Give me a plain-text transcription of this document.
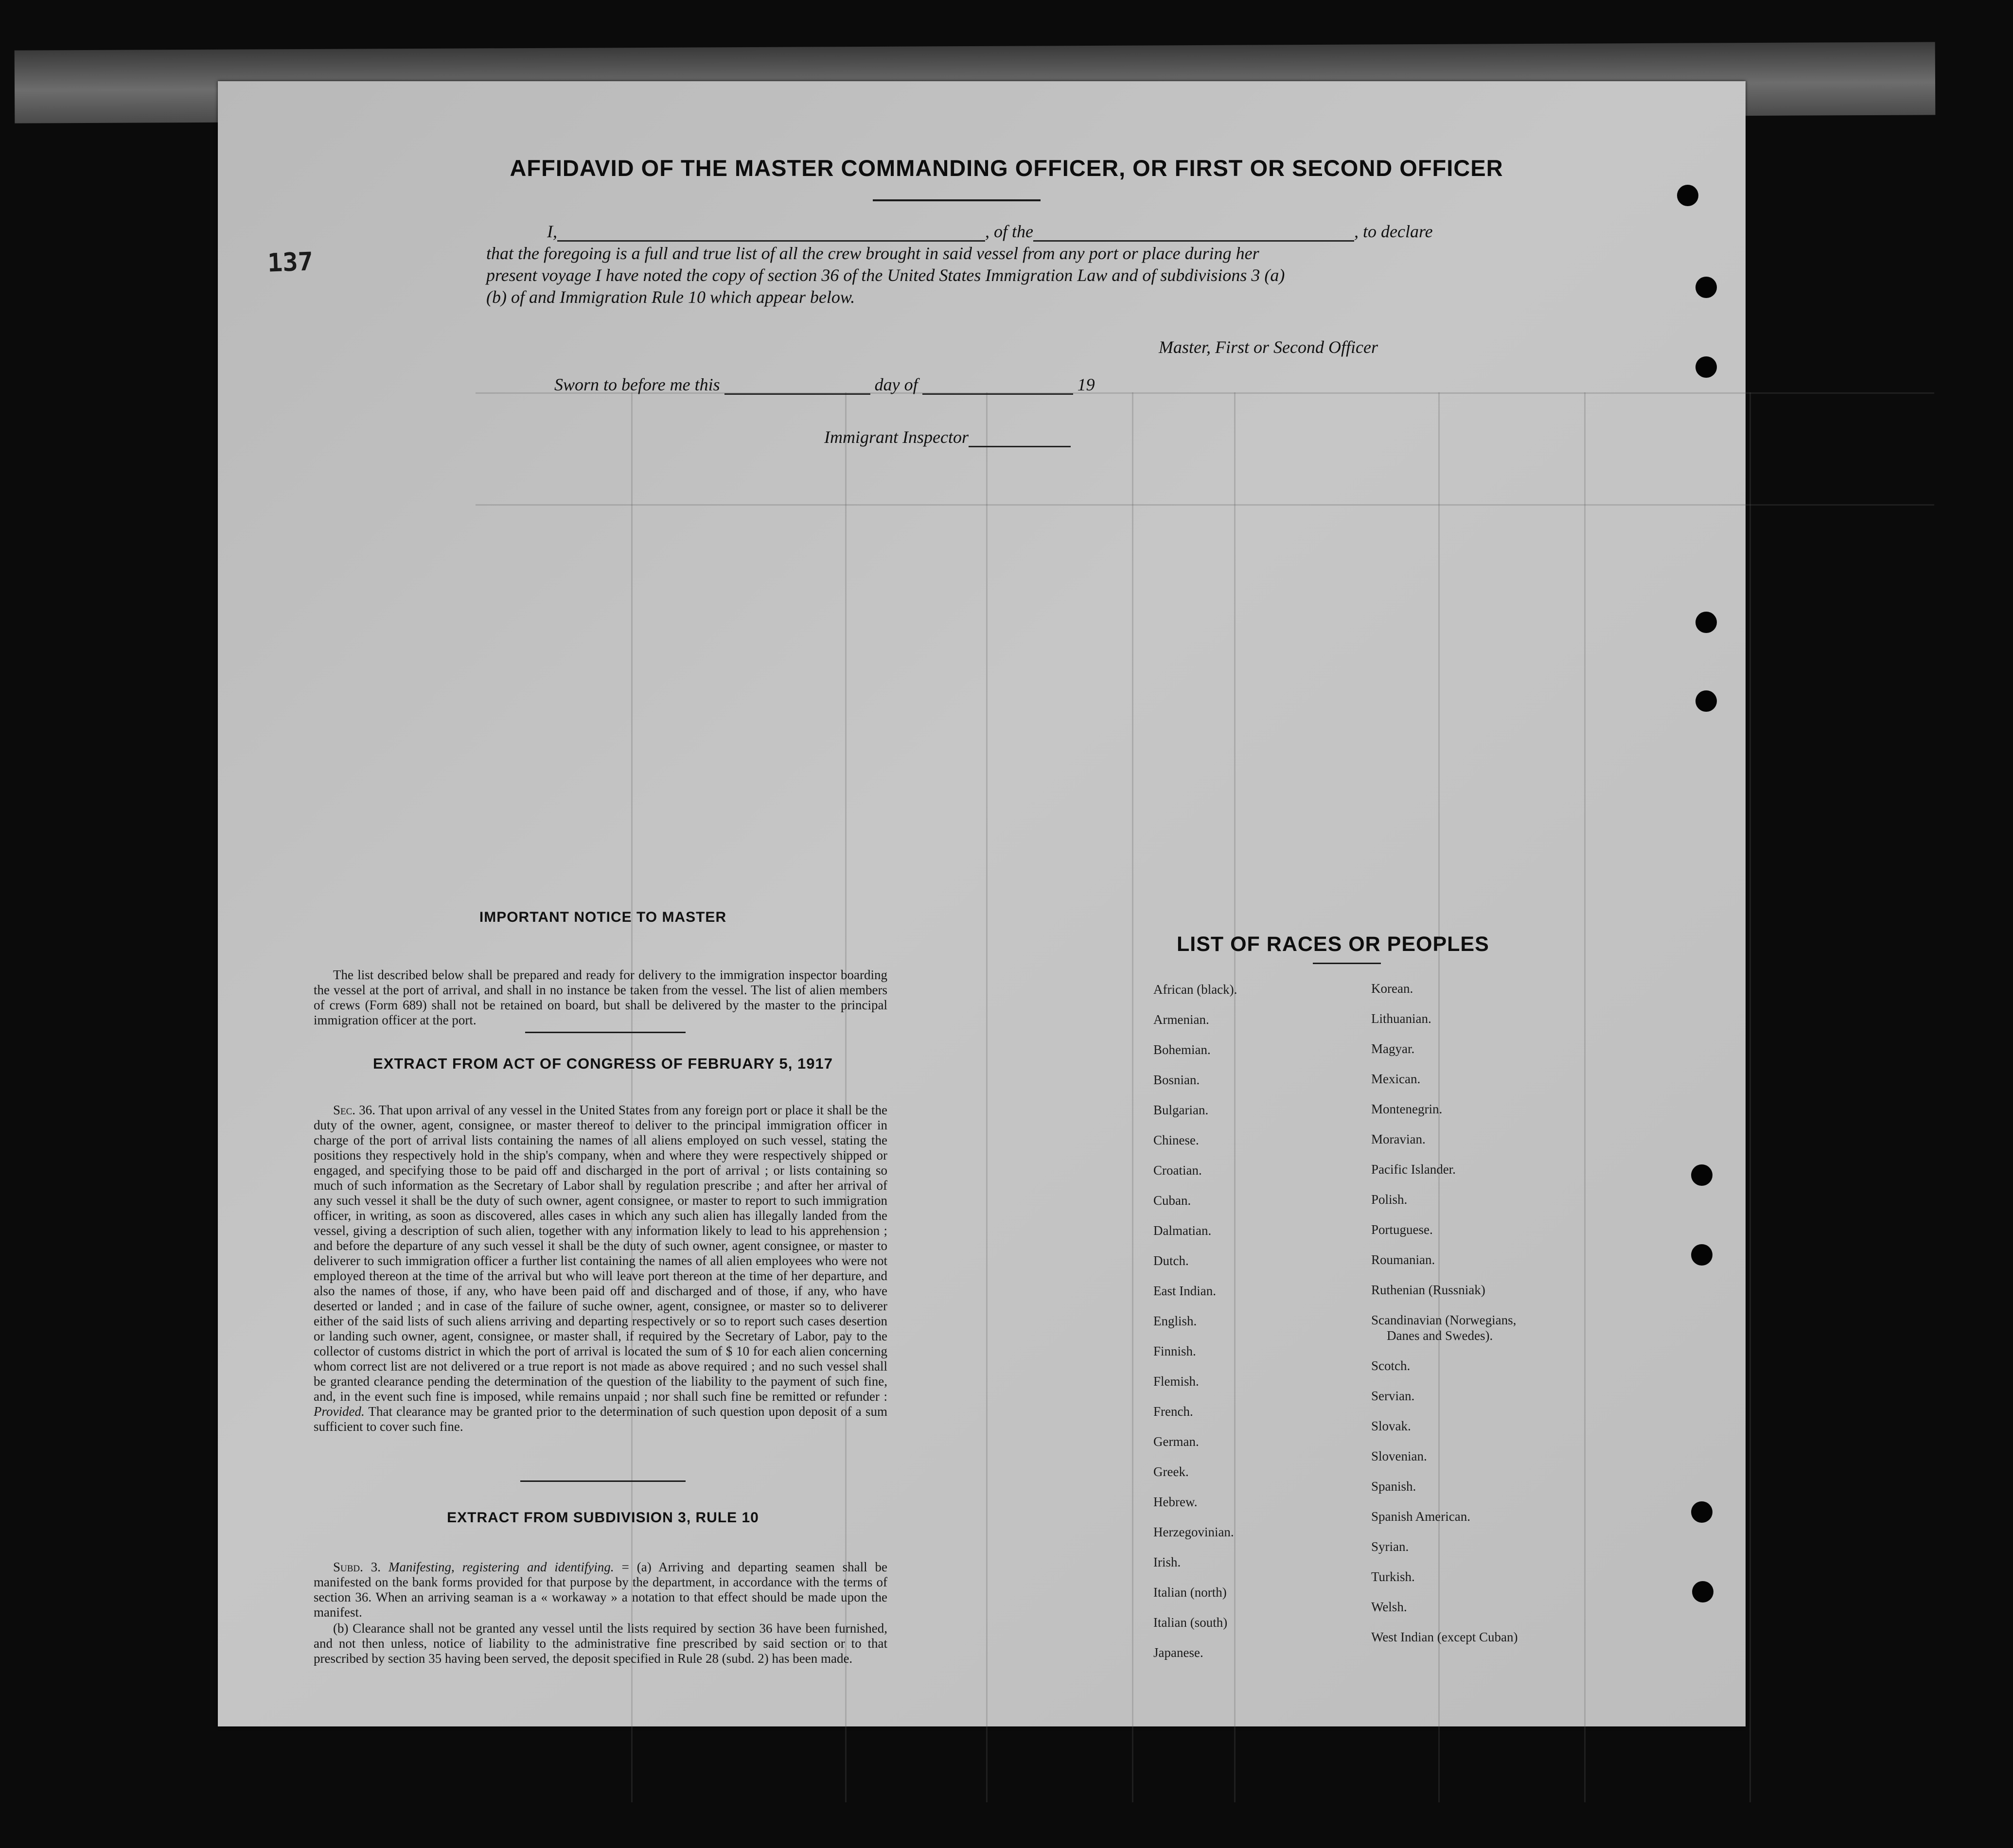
AFFIDAVID OF THE MASTER COMMANDING OFFICER, OR FIRST OR SECOND OFFICER
137
I,	, of the	, to declare
that the foregoing is a full and true list of all the crew brought in said vessel from any port or place during her
present voyage I have noted the copy of section 36 of the United States Immigration Law and of subdivisions 3 (a)
(b) of and Immigration Rule 10 which appear below.
Master, First or Second Officer
Sworn to before me this	day of	19
Immigrant Inspector
IMPORTANT NOTICE TO MASTER

The list described below shall be prepared and ready for delivery to the immigration inspector boarding the vessel at the port of arrival, and shall in no instance be taken from the vessel. The list of alien members of crews (Form 689) shall not be retained on board, but shall be delivered by the master to the principal immigration officer at the port.

EXTRACT FROM ACT OF CONGRESS OF FEBRUARY 5, 1917

Sec. 36. That upon arrival of any vessel in the United States from any foreign port or place it shall be the duty of the owner, agent, consignee, or master thereof to deliver to the principal immigration officer in charge of the port of arrival lists containing the names of all aliens employed on such vessel, stating the positions they respectively hold in the ship's company, when and where they were respectively shipped or engaged, and specifying those to be paid off and discharged in the port of arrival ; or lists containing so much of such information as the Secretary of Labor shall by regulation prescribe ; and after her arrival of any such vessel it shall be the duty of such owner, agent consignee, or master to report to such immigration officer, in writing, as soon as discovered, alles cases in which any such alien has illegally landed from the vessel, giving a description of such alien, together with any information likely to lead to his apprehension ; and before the departure of any such vessel it shall be the duty of such owner, agent consignee, or master to deliverer to such immigration officer a further list containing the names of all alien employees who were not employed thereon at the time of the arrival but who will leave port thereon at the time of her departure, and also the names of those, if any, who have been paid off and discharged and of those, if any, who have deserted or landed ; and in case of the failure of suche owner, agent, consignee, or master so to deliverer either of the said lists of such aliens arriving and departing respectively or so to report such cases desertion or landing such owner, agent, consignee, or master shall, if required by the Secretary of Labor, pay to the collector of customs district in which the port of arrival is located the sum of $ 10 for each alien concerning whom correct list are not delivered or a true report is not made as above required ; and no such vessel shall be granted clearance pending the determination of the question of the liability to the payment of such fine, and, in the event such fine is imposed, while remains unpaid ; nor shall such fine be remitted or refunder : Provided. That clearance may be granted prior to the determination of such question upon deposit of a sum sufficient to cover such fine.

EXTRACT FROM SUBDIVISION 3, RULE 10

Subd. 3. Manifesting, registering and identifying. = (a) Arriving and departing seamen shall be manifested on the bank forms provided for that purpose by the department, in accordance with the terms of section 36. When an arriving seaman is a « workaway » a notation to that effect should be made upon the manifest.

(b) Clearance shall not be granted any vessel until the lists required by section 36 have been furnished, and not then unless, notice of liability to the administrative fine prescribed by said section or to that prescribed by section 35 having been served, the deposit specified in Rule 28 (subd. 2) has been made.

LIST OF RACES OR PEOPLES
African (black).
Armenian.
Bohemian.
Bosnian.
Bulgarian.
Chinese.
Croatian.
Cuban.
Dalmatian.
Dutch.
East Indian.
English.
Finnish.
Flemish.
French.
German.
Greek.
Hebrew.
Herzegovinian.
Irish.
Italian (north)
Italian (south)
Japanese.
Korean.
Lithuanian.
Magyar.
Mexican.
Montenegrin.
Moravian.
Pacific Islander.
Polish.
Portuguese.
Roumanian.
Ruthenian (Russniak)
Scandinavian (Norwegians,
Danes and Swedes).
Scotch.
Servian.
Slovak.
Slovenian.
Spanish.
Spanish American.
Syrian.
Turkish.
Welsh.
West Indian (except Cuban)
